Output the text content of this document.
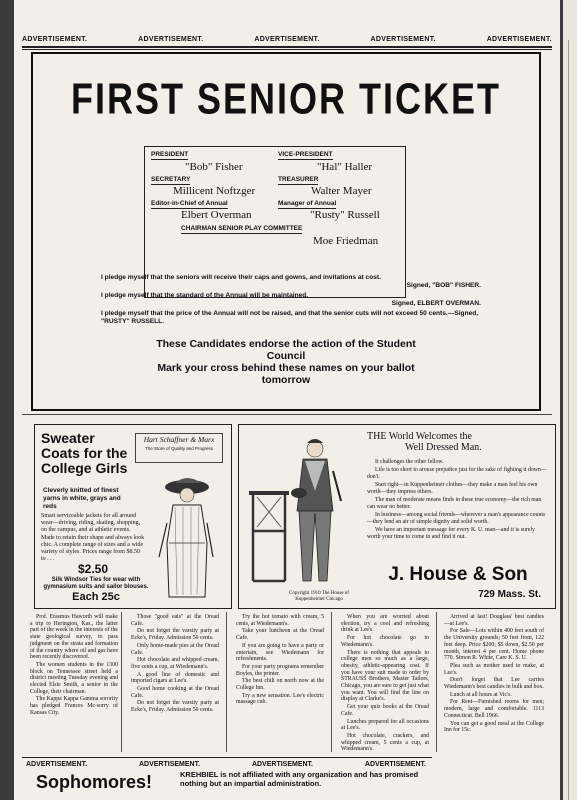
ADVERTISEMENT.	ADVERTISEMENT.	ADVERTISEMENT.	ADVERTISEMENT.	ADVERTISEMENT.
FIRST SENIOR TICKET
PRESIDENT
"Bob" Fisher
VICE-PRESIDENT
"Hal" Haller
SECRETARY
Millicent Noftzger
TREASURER
Walter Mayer
Editor-in-Chief of Annual
Elbert Overman
Manager of Annual
"Rusty" Russell
CHAIRMAN SENIOR PLAY COMMITTEE
Moe Friedman
I pledge myself that the seniors will receive their caps and gowns, and invitations at cost.
Signed, "BOB" FISHER.
I pledge myself that the standard of the Annual will be maintained.
Signed, ELBERT OVERMAN.
I pledge myself that the price of the Annual will not be raised, and that the senior cuts will not exceed 50 cents.—Signed, "RUSTY" RUSSELL.
These Candidates endorse the action of the Student
Council
Mark your cross behind these names on your ballot
tomorrow
Sweater
Coats for the
College Girls
Hart Schaffner & Marx
The Store of Quality and Progress
Cleverly knitted of finest yarns in white, grays and reds
Smart serviceable jackets for all around wear—driving, riding, skating, shopping, on the campus, and at athletic events. Made to retain their shape and always look chic. A complete range of sizes and a wide variety of styles. Prices range from $8.50 to . . .
$2.50
Silk Windsor Ties for wear with gymnasium suits and sailor blouses.
Each 25c	Copyright 1910 The House of Kuppenheimer Chicago
THE World Welcomes the
Well Dressed Man.

It challenges the other fellow.

Life is too short to arouse prejudice just for the sake of fighting it down—don't.

Start right—in Kuppenheimer clothes—they make a man feel his own worth—they impress others.

The man of moderate means finds in these true economy—the rich man can wear no better.

In business—among social friends—wherever a man's appearance counts—they lend an air of simple dignity and solid worth.

We have an important message for every K. U. man—and it is surely worth your time to come in and find it out.

J. House & Son
729 Mass. St.

Prof. Erasmus Haworth will make a trip to Herington, Kas., the latter part of the week in the interests of the state geological survey, to pass judgment on the strata and formation of the country where oil and gas have been recently discovered.

The women students in the 1300 block on Tennessee street held a district meeting Tuesday evening and elected Elsie Smith, a senior in the College, their chairman.

The Kappa Kappa Gamma sorority has pledged Frances Mc-sorry of Kansas City.

Those "good eats" at the Oread Cafe.

Do not forget the varsity party at Ecke's, Friday. Admission 50 cents.

Only home-made pies at the Oread Cafe.

Hot chocolate and whipped cream, five cents a cup, at Wiedemann's.

A good line of domestic and imported cigars at Lee's.

Good home cooking at the Oread Cafe.

Do not forget the varsity party at Ecke's, Friday. Admission 50 cents.

Try the hot tomato with cream, 5 cents, at Wiedemann's.

Take your luncheon at the Oread Cafe.

If you are going to have a party or entertain, see Wiedemann for refreshments.

For your party programs remember Boyles, the printer.

The best chili on north now at the College Inn.

Try a new sensation. Lee's electric massage cub.

When you are worried about election, try a cool and refreshing drink at Lee's.

For hot chocolate go to Wiedemann's.

There is nothing that appeals to college men so much as a large, obesity, athletic-appearing coat. If you have your suit made to order by STRAUSS Brothers, Master Tailors, Chicago, you are sure to get just what you want. You will find the line on display at Clarke's.

Get your quiz books at the Oread Cafe.

Lunches prepared for all occasions at Lee's.

Hot chocolate, crackers, and whipped cream, 5 cents a cup, at Wiedemann's.

Arrived at last! Douglass' best candies—at Lee's.

For Sale—Lots within 400 feet south of the University grounds; 50 feet front, 122 feet deep. Price $200; $5 down, $2.50 per month, interest 4 per cent. Home phone 770. Simon R. White, Care K. S. U.

Plea such as mother used to make, at Lee's.

Don't forget that Lee carries Wiedemann's best candies in bulk and box.

Lunch at all hours at Vic's.

For Rent—Furnished rooms for men; modern, large and comfortable. 1113 Connecticut. Bell 1966.

You can get a good meal at the College Inn for 15c.

ADVERTISEMENT.	ADVERTISEMENT.	ADVERTISEMENT.	ADVERTISEMENT.
Sophomores!	KREHBIEL is not affiliated with any organization and has promised nothing but an impartial administration.
